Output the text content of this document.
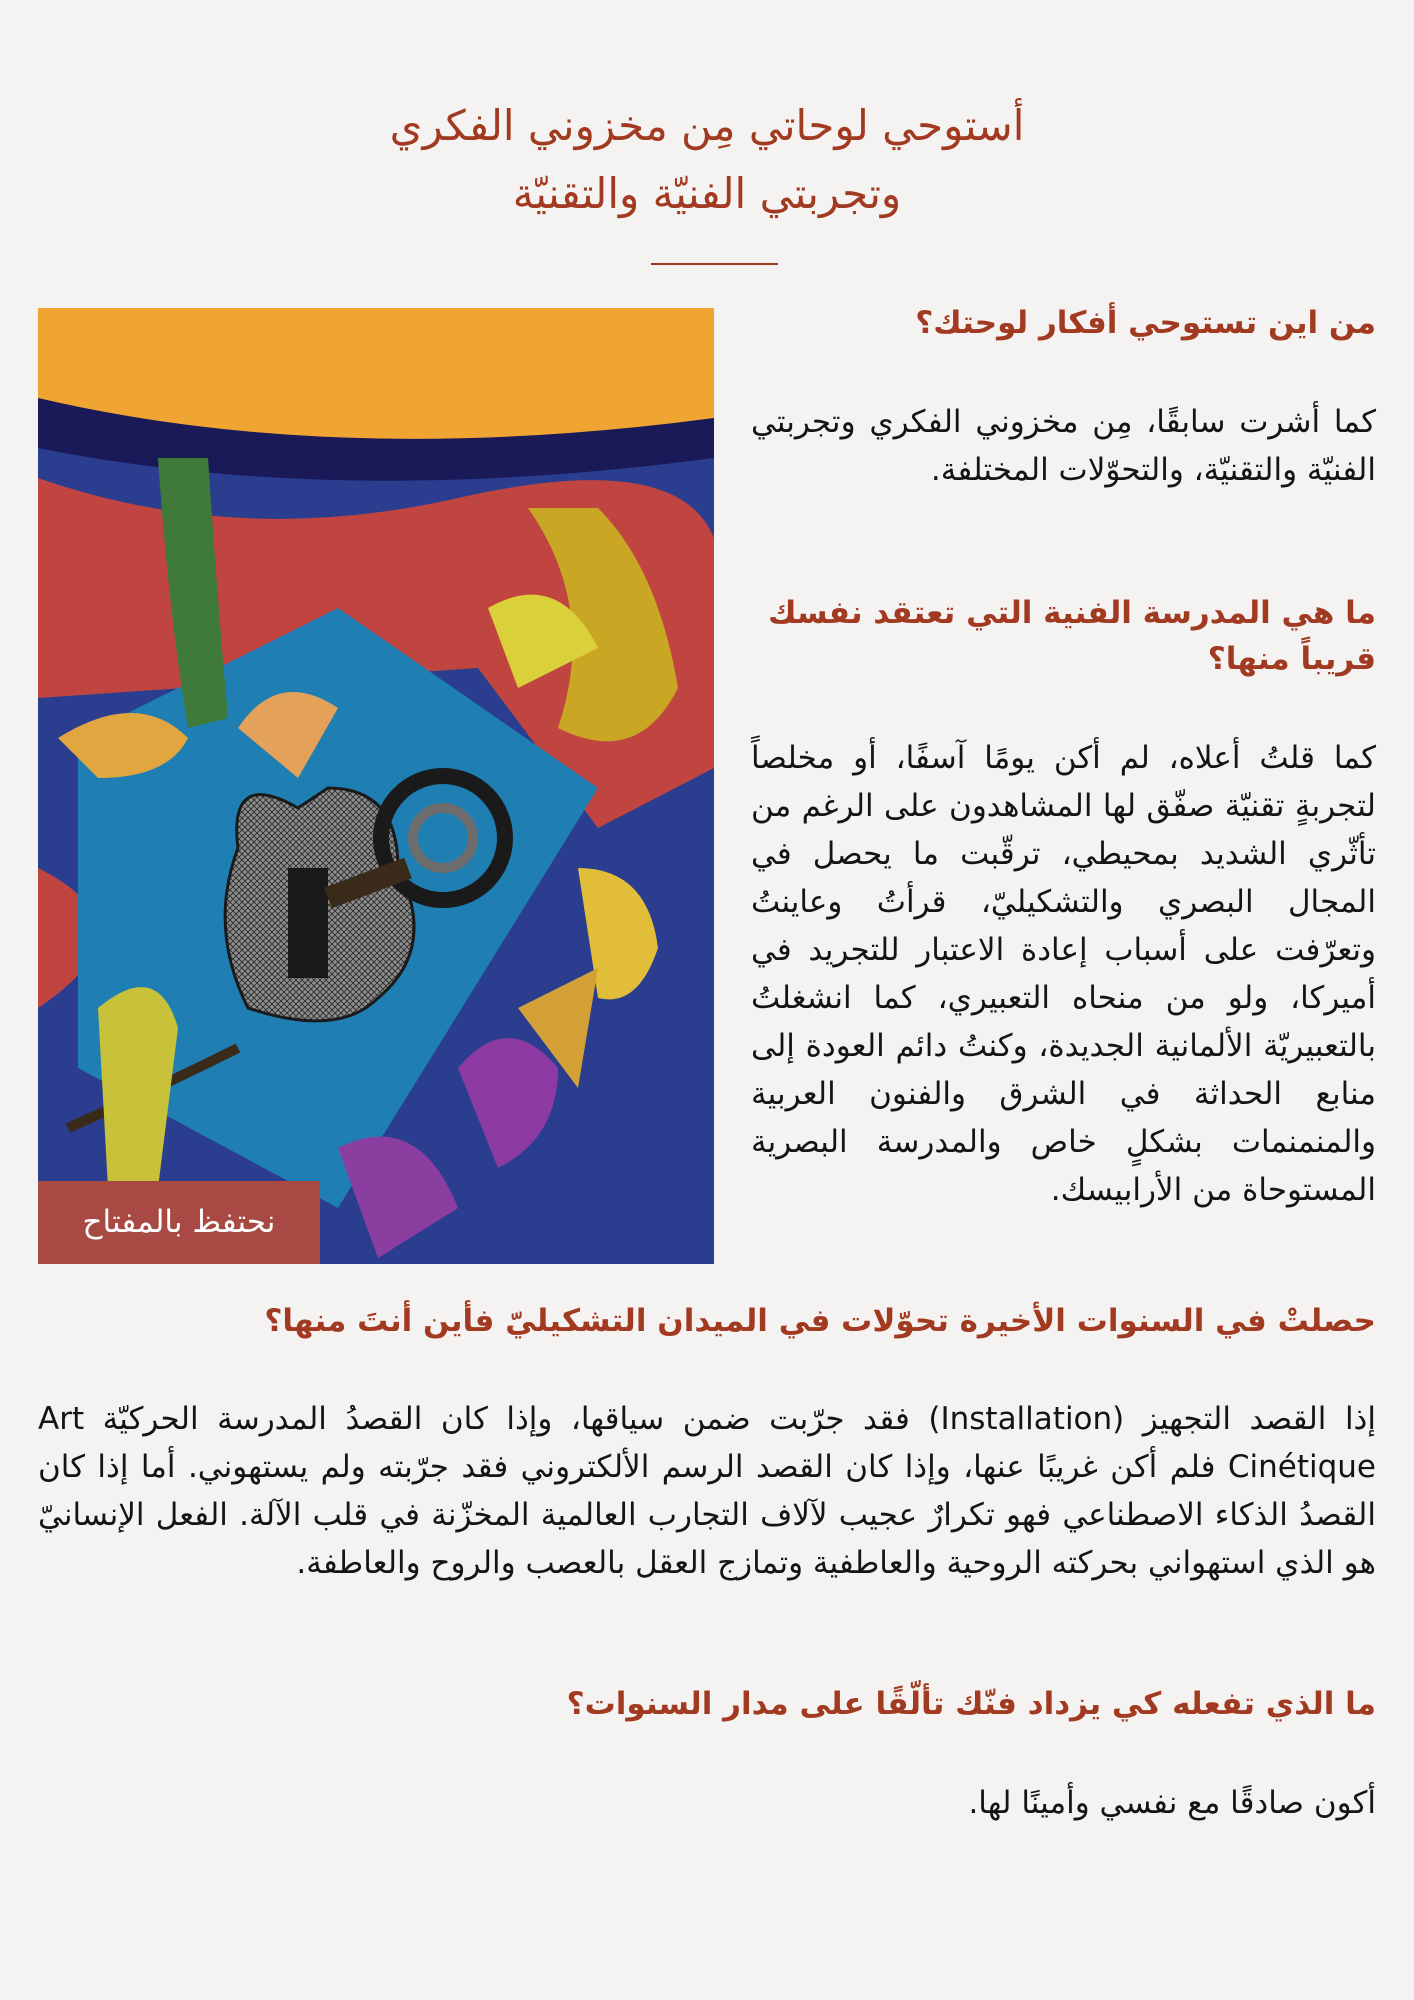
أستوحي لوحاتي مِن مخزوني الفكري
وتجربتي الفنيّة والتقنيّة
من اين تستوحي أفكار لوحتك؟

كما أشرت سابقًا، مِن مخزوني الفكري وتجربتي الفنيّة والتقنيّة، والتحوّلات المختلفة.

ما هي المدرسة الفنية التي تعتقد نفسك قريباً منها؟

كما قلتُ أعلاه، لم أكن يومًا آسفًا، أو مخلصاً لتجربةٍ تقنيّة صفّق لها المشاهدون على الرغم من تأثّري الشديد بمحيطي، ترقّبت ما يحصل في المجال البصري والتشكيليّ، قرأتُ وعاينتُ وتعرّفت على أسباب إعادة الاعتبار للتجريد في أميركا، ولو من منحاه التعبيري، كما انشغلتُ بالتعبيريّة الألمانية الجديدة، وكنتُ دائم العودة إلى منابع الحداثة في الشرق والفنون العربية والمنمنمات بشكلٍ خاص والمدرسة البصرية المستوحاة من الأرابيسك.

نحتفظ بالمفتاح
حصلتْ في السنوات الأخيرة تحوّلات في الميدان التشكيليّ فأين أنتَ منها؟

إذا القصد التجهيز (Installation) فقد جرّبت ضمن سياقها، وإذا كان القصدُ المدرسة الحركيّة Art Cinétique فلم أكن غريبًا عنها، وإذا كان القصد الرسم الألكتروني فقد جرّبته ولم يستهوني. أما إذا كان القصدُ الذكاء الاصطناعي فهو تكرارٌ عجيب لآلاف التجارب العالمية المخزّنة في قلب الآلة. الفعل الإنسانيّ هو الذي استهواني بحركته الروحية والعاطفية وتمازج العقل بالعصب والروح والعاطفة.

ما الذي تفعله كي يزداد فنّك تألّقًا على مدار السنوات؟

أكون صادقًا مع نفسي وأمينًا لها.
